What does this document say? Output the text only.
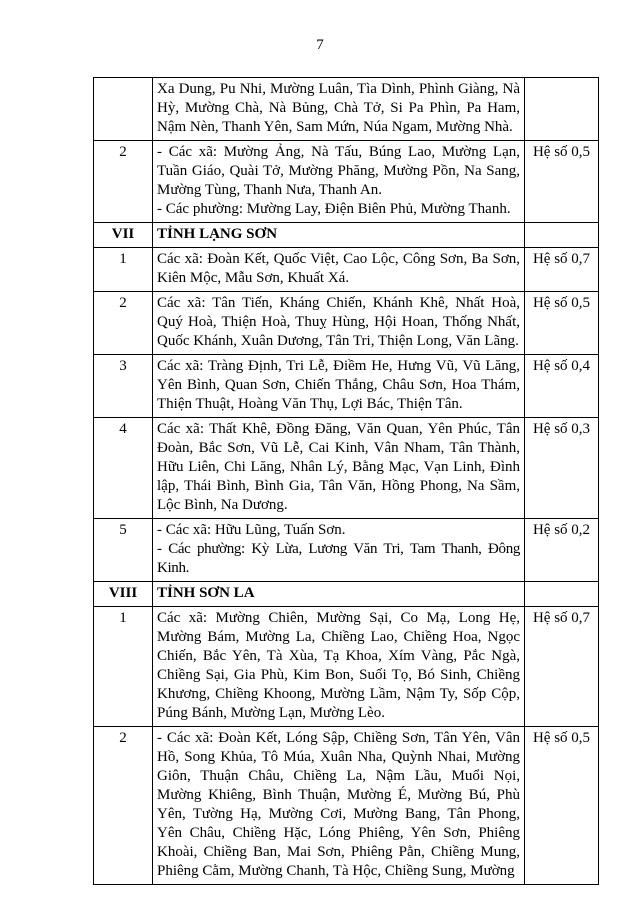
7
	Xa Dung, Pu Nhi, Mường Luân, Tìa Dình, Phình Giàng, Nà Hỳ, Mường Chà, Nà Bủng, Chà Tở, Si Pa Phìn, Pa Ham, Nậm Nèn, Thanh Yên, Sam Mứn, Núa Ngam, Mường Nhà.	
2	- Các xã: Mường Ảng, Nà Tấu, Búng Lao, Mường Lạn, Tuần Giáo, Quài Tở, Mường Phăng, Mường Pồn, Na Sang, Mường Tùng, Thanh Nưa, Thanh An.
- Các phường: Mường Lay, Điện Biên Phủ, Mường Thanh.	Hệ số 0,5
VII	TỈNH LẠNG SƠN	
1	Các xã: Đoàn Kết, Quốc Việt, Cao Lộc, Công Sơn, Ba Sơn, Kiên Mộc, Mẫu Sơn, Khuất Xá.	Hệ số 0,7
2	Các xã: Tân Tiến, Kháng Chiến, Khánh Khê, Nhất Hoà, Quý Hoà, Thiện Hoà, Thuỵ Hùng, Hội Hoan, Thống Nhất, Quốc Khánh, Xuân Dương, Tân Tri, Thiện Long, Văn Lãng.	Hệ số 0,5
3	Các xã: Tràng Định, Tri Lễ, Điềm He, Hưng Vũ, Vũ Lăng, Yên Bình, Quan Sơn, Chiến Thắng, Châu Sơn, Hoa Thám, Thiện Thuật, Hoàng Văn Thụ, Lợi Bác, Thiện Tân.	Hệ số 0,4
4	Các xã: Thất Khê, Đồng Đăng, Văn Quan, Yên Phúc, Tân Đoàn, Bắc Sơn, Vũ Lễ, Cai Kinh, Vân Nham, Tân Thành, Hữu Liên, Chi Lăng, Nhân Lý, Bằng Mạc, Vạn Linh, Đình lập, Thái Bình, Bình Gia, Tân Văn, Hồng Phong, Na Sầm, Lộc Bình, Na Dương.	Hệ số 0,3
5	- Các xã: Hữu Lũng, Tuấn Sơn.
- Các phường: Kỳ Lừa, Lương Văn Tri, Tam Thanh, Đông Kinh.	Hệ số 0,2
VIII	TỈNH SƠN LA	
1	Các xã: Mường Chiên, Mường Sại, Co Mạ, Long Hẹ, Mường Bám, Mường La, Chiềng Lao, Chiềng Hoa, Ngọc Chiến, Bắc Yên, Tà Xùa, Tạ Khoa, Xím Vàng, Pắc Ngà, Chiềng Sại, Gia Phù, Kim Bon, Suối Tọ, Bó Sinh, Chiềng Khương, Chiềng Khoong, Mường Lầm, Nậm Ty, Sốp Cộp, Púng Bánh, Mường Lạn, Mường Lèo.	Hệ số 0,7
2	- Các xã: Đoàn Kết, Lóng Sập, Chiềng Sơn, Tân Yên, Vân Hồ, Song Khủa, Tô Múa, Xuân Nha, Quỳnh Nhai, Mường Giôn, Thuận Châu, Chiềng La, Nậm Lầu, Muổi Nọi, Mường Khiêng, Bình Thuận, Mường É, Mường Bú, Phù Yên, Tường Hạ, Mường Cơi, Mường Bang, Tân Phong, Yên Châu, Chiềng Hặc, Lóng Phiêng, Yên Sơn, Phiêng Khoài, Chiềng Ban, Mai Sơn, Phiêng Pằn, Chiềng Mung, Phiêng Cằm, Mường Chanh, Tà Hộc, Chiềng Sung, Mường	Hệ số 0,5
